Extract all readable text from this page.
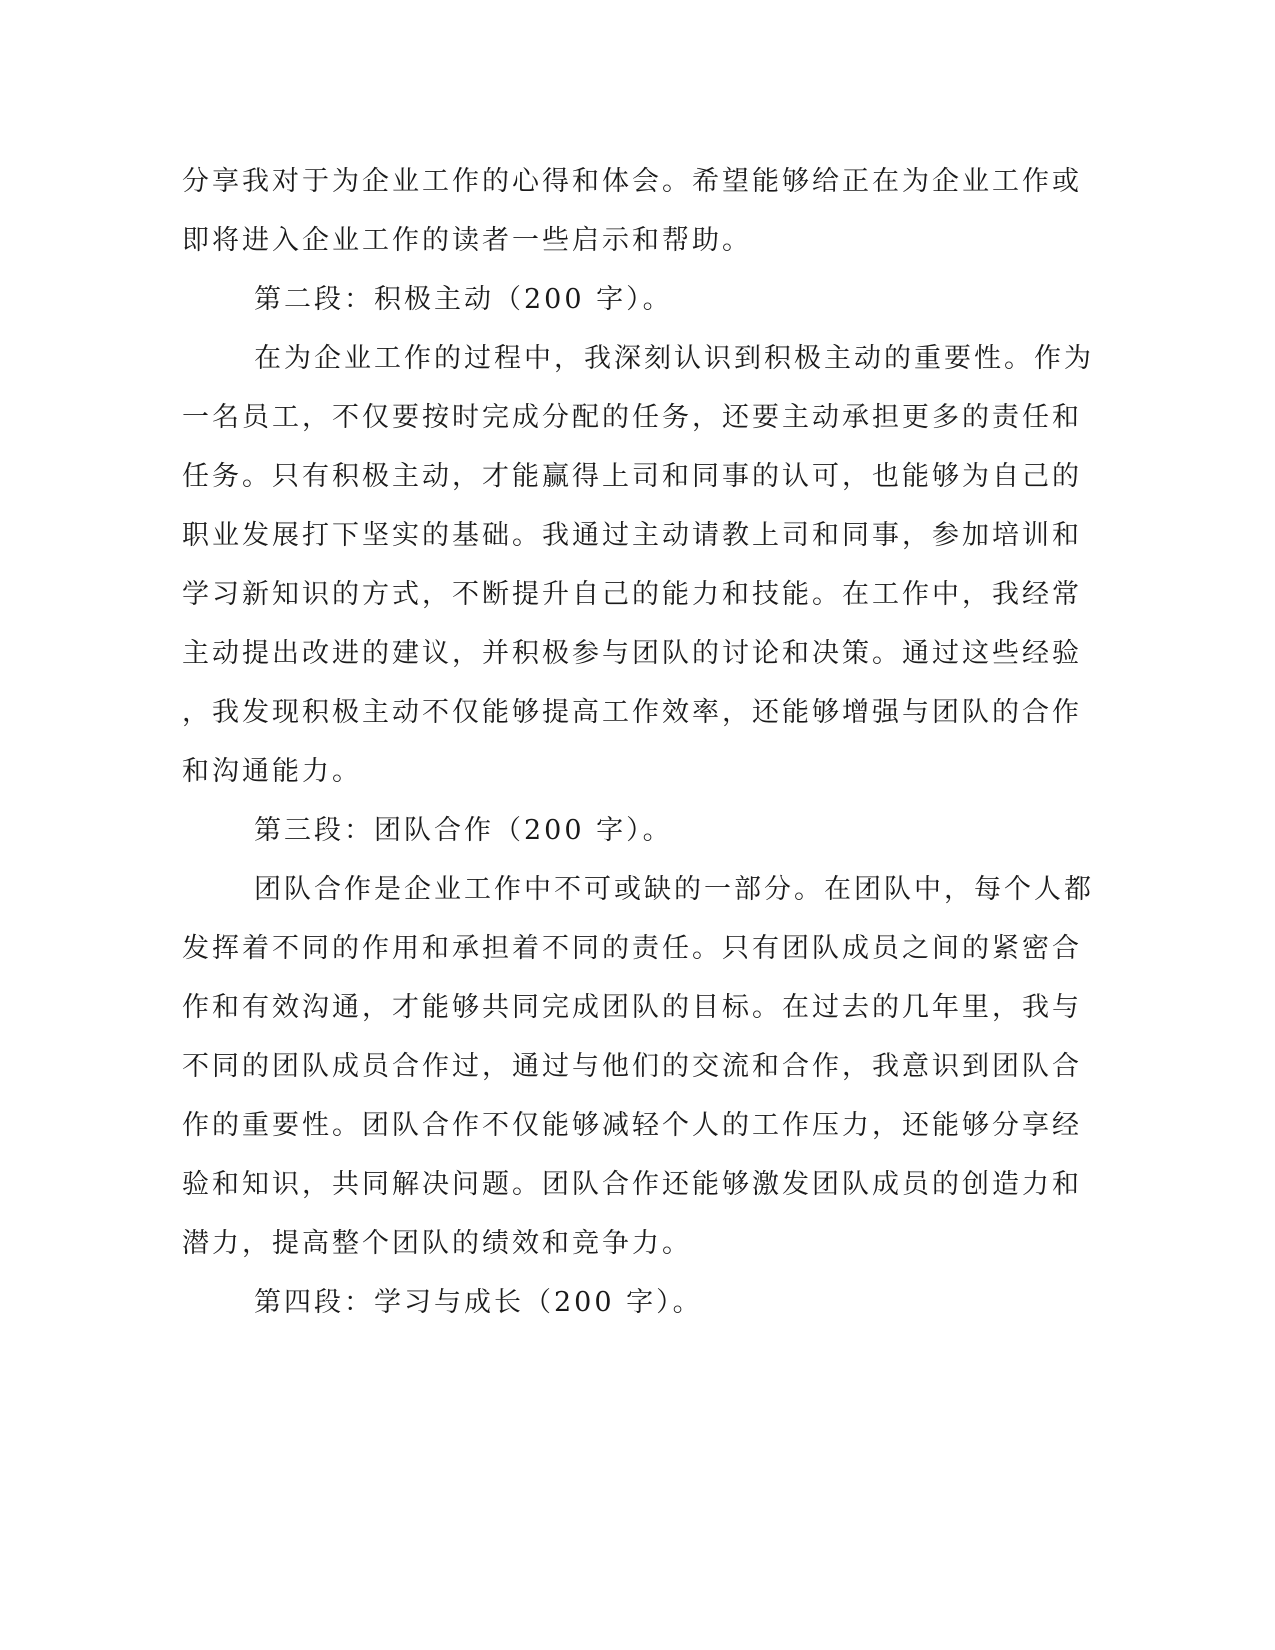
分享我对于为企业工作的心得和体会。希望能够给正在为企业工作或

即将进入企业工作的读者一些启示和帮助。

第二段：积极主动（200 字）。

在为企业工作的过程中，我深刻认识到积极主动的重要性。作为

一名员工，不仅要按时完成分配的任务，还要主动承担更多的责任和

任务。只有积极主动，才能赢得上司和同事的认可，也能够为自己的

职业发展打下坚实的基础。我通过主动请教上司和同事，参加培训和

学习新知识的方式，不断提升自己的能力和技能。在工作中，我经常

主动提出改进的建议，并积极参与团队的讨论和决策。通过这些经验

，我发现积极主动不仅能够提高工作效率，还能够增强与团队的合作

和沟通能力。

第三段：团队合作（200 字）。

团队合作是企业工作中不可或缺的一部分。在团队中，每个人都

发挥着不同的作用和承担着不同的责任。只有团队成员之间的紧密合

作和有效沟通，才能够共同完成团队的目标。在过去的几年里，我与

不同的团队成员合作过，通过与他们的交流和合作，我意识到团队合

作的重要性。团队合作不仅能够减轻个人的工作压力，还能够分享经

验和知识，共同解决问题。团队合作还能够激发团队成员的创造力和

潜力，提高整个团队的绩效和竞争力。

第四段：学习与成长（200 字）。
